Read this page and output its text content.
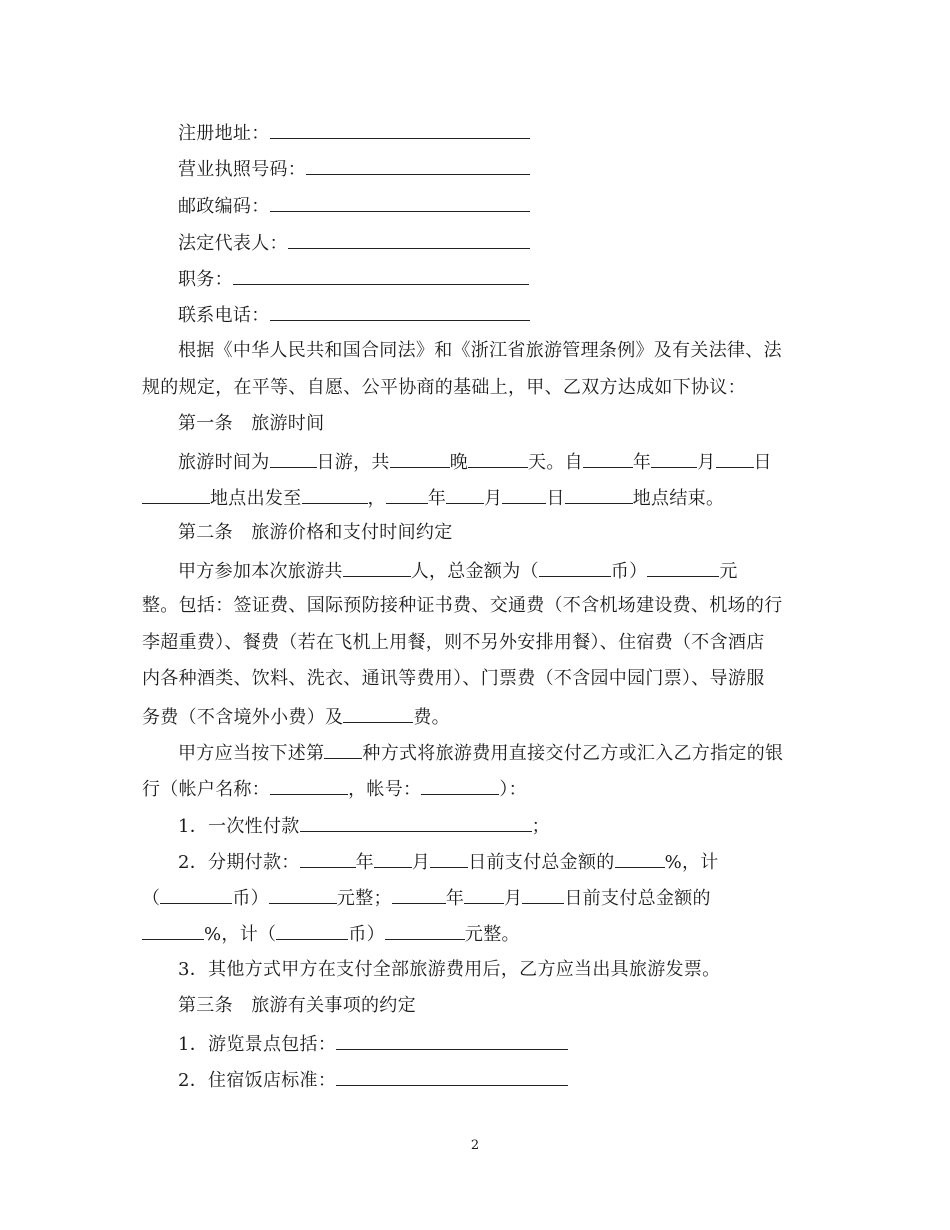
注册地址：
营业执照号码：
邮政编码：
法定代表人：
职务：
联系电话：
根据《中华人民共和国合同法》和《浙江省旅游管理条例》及有关法律、法
规的规定，在平等、自愿、公平协商的基础上，甲、乙双方达成如下协议：
第一条　旅游时间
旅游时间为	日游，共	晚	天。自	年	月 日
地点出发至	， 年 月 日	地点结束。
第二条　旅游价格和支付时间约定
甲方参加本次旅游共	人，总金额为（	币）	元
整。包括：签证费、国际预防接种证书费、交通费（不含机场建设费、机场的行
李超重费）、餐费（若在飞机上用餐，则不另外安排用餐）、住宿费（不含酒店
内各种酒类、饮料、洗衣、通讯等费用）、门票费（不含园中园门票）、导游服
务费（不含境外小费）及	费。
甲方应当按下述第 种方式将旅游费用直接交付乙方或汇入乙方指定的银
行（帐户名称：	，帐号：	）：
1．一次性付款	；
2．分期付款：	年 月 日前支付总金额的	%，计
（	币）	元整；	年 月 日前支付总金额的
%，计（	币）	元整。
3．其他方式甲方在支付全部旅游费用后，乙方应当出具旅游发票。
第三条　旅游有关事项的约定
1．游览景点包括：
2．住宿饭店标准：
2
